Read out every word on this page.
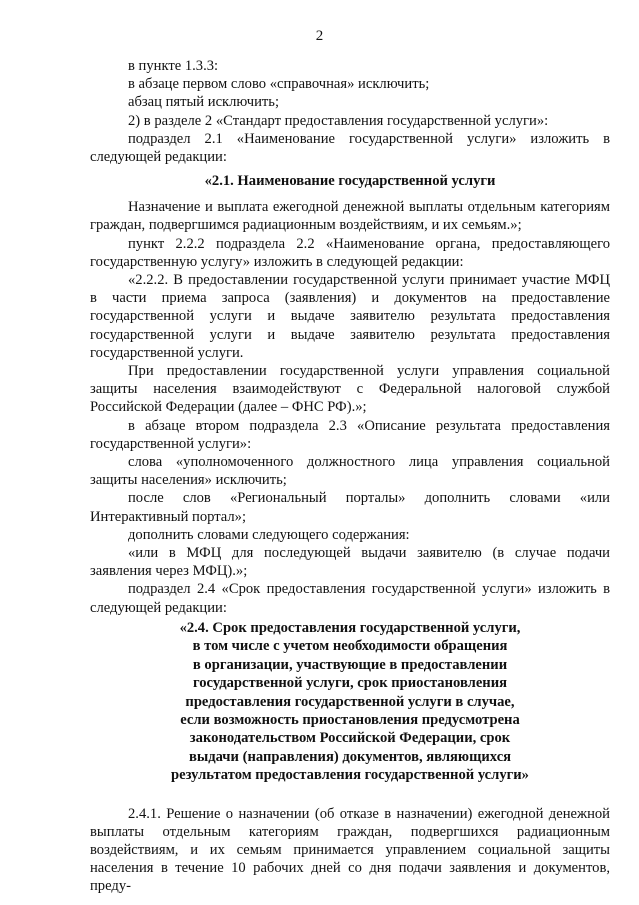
2

в пункте 1.3.3:

в абзаце первом слово «справочная» исключить;

абзац пятый исключить;

2) в разделе 2 «Стандарт предоставления государственной услуги»:

подраздел 2.1 «Наименование государственной услуги» изложить в следующей редакции:

«2.1. Наименование государственной услуги

Назначение и выплата ежегодной денежной выплаты отдельным категориям граждан, подвергшимся радиационным воздействиям, и их семьям.»;

пункт 2.2.2 подраздела 2.2 «Наименование органа, предоставляющего государственную услугу» изложить в следующей редакции:

«2.2.2. В предоставлении государственной услуги принимает участие МФЦ в части приема запроса (заявления) и документов на предоставление государственной услуги и выдаче заявителю результата предоставления государственной услуги и выдаче заявителю результата предоставления государственной услуги.

При предоставлении государственной услуги управления социальной защиты населения взаимодействуют с Федеральной налоговой службой Российской Федерации (далее – ФНС РФ).»;

в абзаце втором подраздела 2.3 «Описание результата предоставления государственной услуги»:

слова «уполномоченного должностного лица управления социальной защиты населения» исключить;

после слов «Региональный порталы» дополнить словами «или Интерактивный портал»;

дополнить словами следующего содержания:

«или в МФЦ для последующей выдачи заявителю (в случае подачи заявления через МФЦ).»;

подраздел 2.4 «Срок предоставления государственной услуги» изложить в следующей редакции:

«2.4. Срок предоставления государственной услуги,
в том числе с учетом необходимости обращения
в организации, участвующие в предоставлении
государственной услуги, срок приостановления
предоставления государственной услуги в случае,
если возможность приостановления предусмотрена
законодательством Российской Федерации, срок
выдачи (направления) документов, являющихся
результатом предоставления государственной услуги»

2.4.1. Решение о назначении (об отказе в назначении) ежегодной денежной выплаты отдельным категориям граждан, подвергшихся радиационным воздействиям, и их семьям принимается управлением социальной защиты населения в течение 10 рабочих дней со дня подачи заявления и документов, преду-
